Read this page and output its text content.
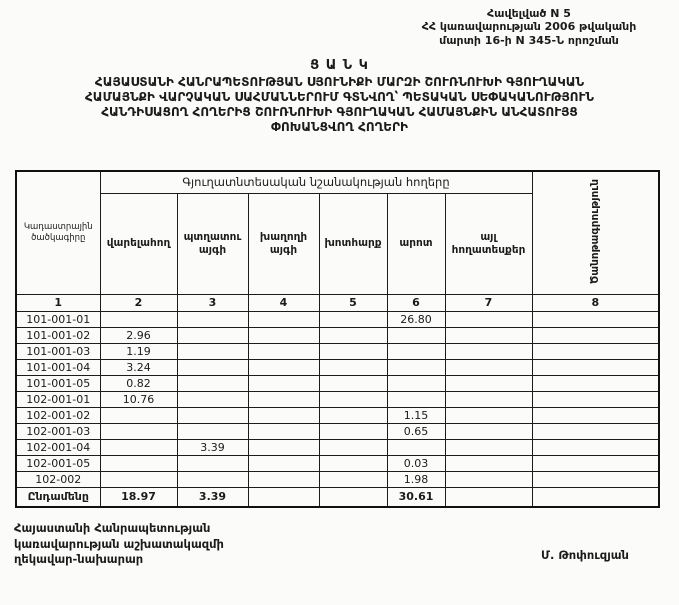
Հավելված N 5
ՀՀ կառավարության 2006 թվականի
մարտի 16-ի N 345-Ն որոշման
Ց Ա Ն Կ
ՀԱՅԱՍՏԱՆԻ ՀԱՆՐԱՊԵՏՈՒԹՅԱՆ ՍՅՈՒՆԻՔԻ ՄԱՐԶԻ ՇՈՒՌՆՈՒԽԻ ԳՅՈՒՂԱԿԱՆ
ՀԱՄԱՅՆՔԻ ՎԱՐՉԱԿԱՆ ՍԱՀՄԱՆՆԵՐՈՒՄ ԳՏՆՎՈՂ՝ ՊԵՏԱԿԱՆ ՍԵՓԱԿԱՆՈՒԹՅՈՒՆ
ՀԱՆԴԻՍԱՑՈՂ ՀՈՂԵՐԻՑ ՇՈՒՌՆՈՒԽԻ ԳՅՈՒՂԱԿԱՆ ՀԱՄԱՅՆՔԻՆ ԱՆՀԱՏՈՒՅՑ
ՓՈԽԱՆՑՎՈՂ ՀՈՂԵՐԻ
Կադաստրային
ծածկագիրը	Գյուղատնտեսական նշանակության հողերը						Ծանոթագրություն
	վարելահող	պտղատու այգի	խաղողի այգի	խոտհարք	արոտ	այլ հողատեսքեր	
1	2	3	4	5	6	7	8
101-001-01					26.80		
101-001-02	2.96						
101-001-03	1.19						
101-001-04	3.24						
101-001-05	0.82						
102-001-01	10.76						
102-001-02					1.15		
102-001-03					0.65		
102-001-04		3.39					
102-001-05					0.03		
102-002					1.98		
Ընդամենը	18.97	3.39			30.61		
Հայաստանի Հանրապետության
կառավարության աշխատակազմի
ղեկավար-նախարար	Մ. Թոփուզյան
